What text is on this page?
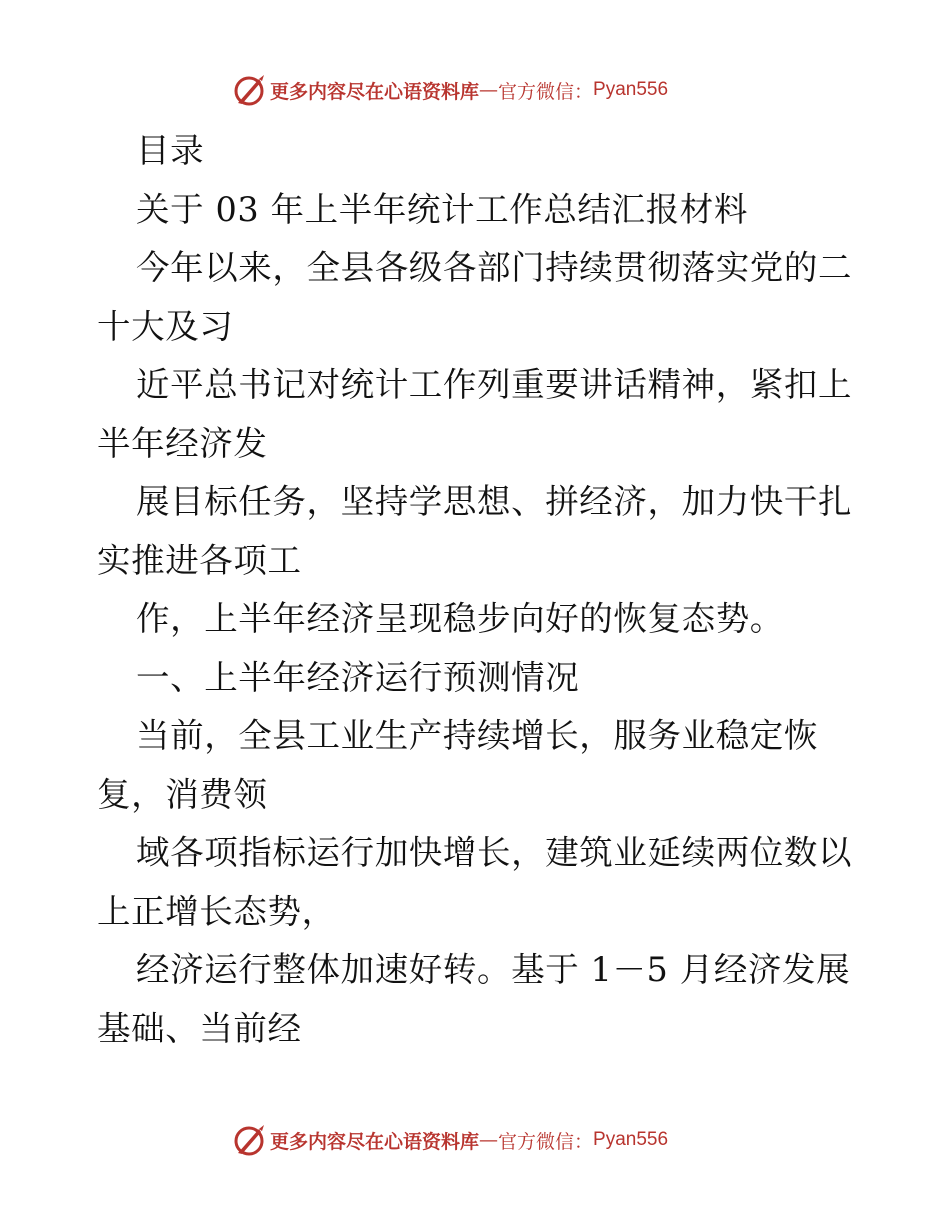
更多内容尽在心语资料库 — 官方微信： Pyan556
目录
关于 03 年上半年统计工作总结汇报材料
今年以来，全县各级各部门持续贯彻落实党的二
十大及习
近平总书记对统计工作列重要讲话精神，紧扣上
半年经济发
展目标任务，坚持学思想、拼经济，加力快干扎
实推进各项工
作，上半年经济呈现稳步向好的恢复态势。
一、上半年经济运行预测情况
当前，全县工业生产持续增长，服务业稳定恢
复，消费领
域各项指标运行加快增长，建筑业延续两位数以
上正增长态势，
经济运行整体加速好转。基于 1－5 月经济发展
基础、当前经
更多内容尽在心语资料库 — 官方微信： Pyan556
